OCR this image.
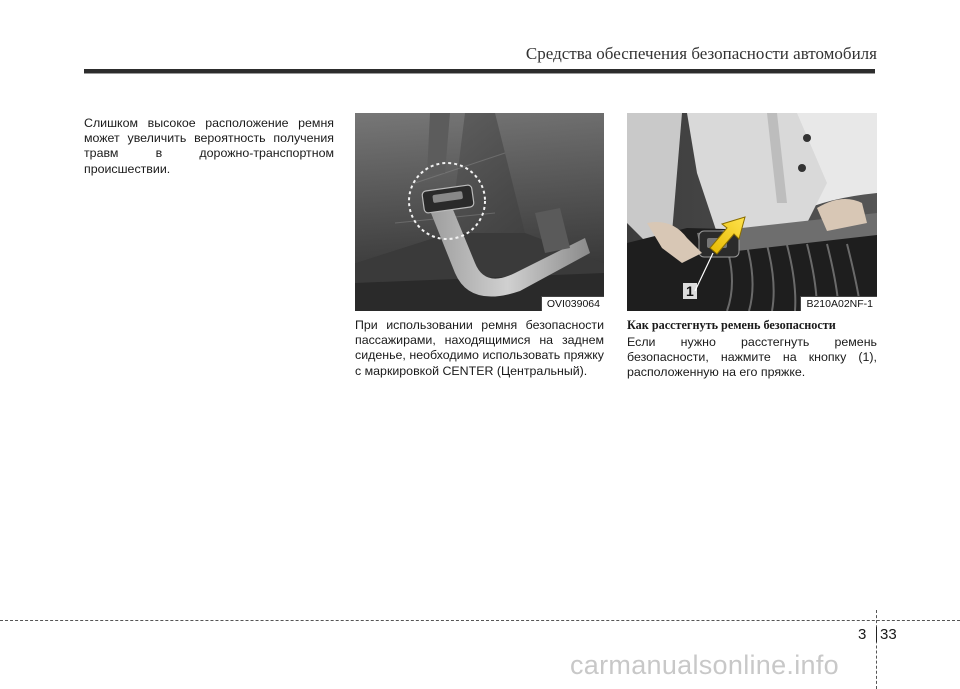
Средства обеспечения безопасности автомобиля
Слишком высокое расположение ремня может увеличить вероятность получения травм в дорожно-транспортном происшествии.
OVI039064
При использовании ремня безопасности пассажирами, находящимися на заднем сиденье, необходимо использовать пряжку с маркировкой CENTER (Центральный).
1
B210A02NF-1
Как расстегнуть ремень безопасности
Если нужно расстегнуть ремень безопасности, нажмите на кнопку (1), расположенную на его пряжке.
3 33
carmanualsonline.info
